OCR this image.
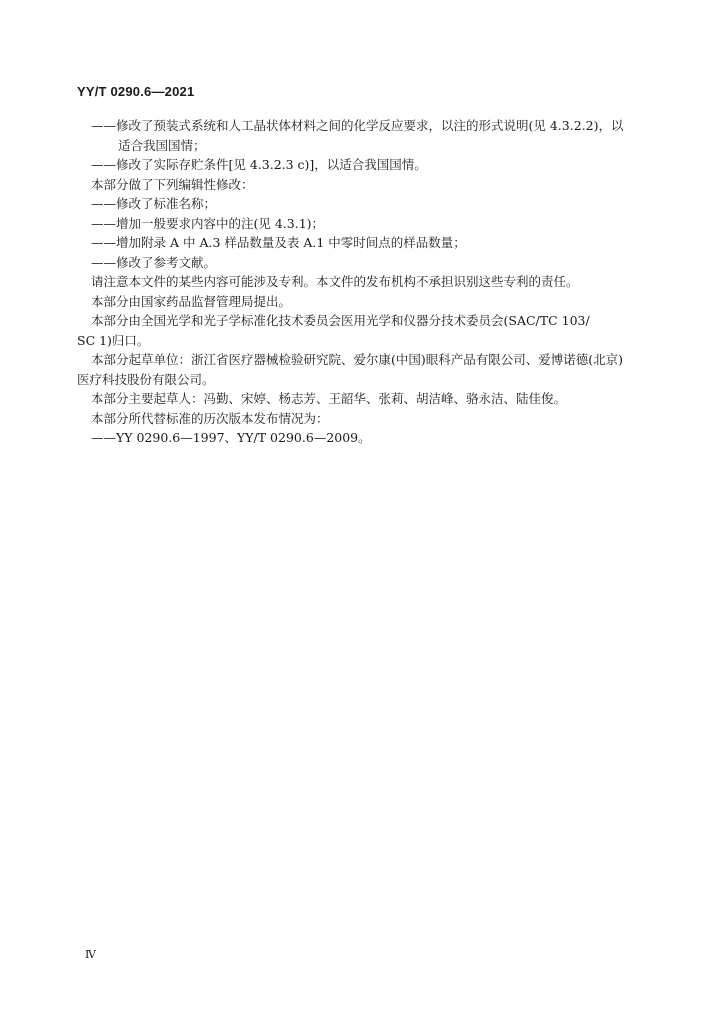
YY/T 0290.6—2021
——修改了预装式系统和人工晶状体材料之间的化学反应要求，以注的形式说明(见 4.3.2.2)，以
适合我国国情；
——修改了实际存贮条件[见 4.3.2.3 c)]，以适合我国国情。
本部分做了下列编辑性修改：
——修改了标准名称；
——增加一般要求内容中的注(见 4.3.1)；
——增加附录 A 中 A.3 样品数量及表 A.1 中零时间点的样品数量；
——修改了参考文献。
请注意本文件的某些内容可能涉及专利。本文件的发布机构不承担识别这些专利的责任。
本部分由国家药品监督管理局提出。
本部分由全国光学和光子学标准化技术委员会医用光学和仪器分技术委员会(SAC/TC 103/
SC 1)归口。
本部分起草单位：浙江省医疗器械检验研究院、爱尔康(中国)眼科产品有限公司、爱博诺德(北京)
医疗科技股份有限公司。
本部分主要起草人：冯勤、宋婷、杨志芳、王韶华、张莉、胡洁峰、骆永洁、陆佳俊。
本部分所代替标准的历次版本发布情况为：
——YY 0290.6—1997、YY/T 0290.6—2009。
Ⅳ
